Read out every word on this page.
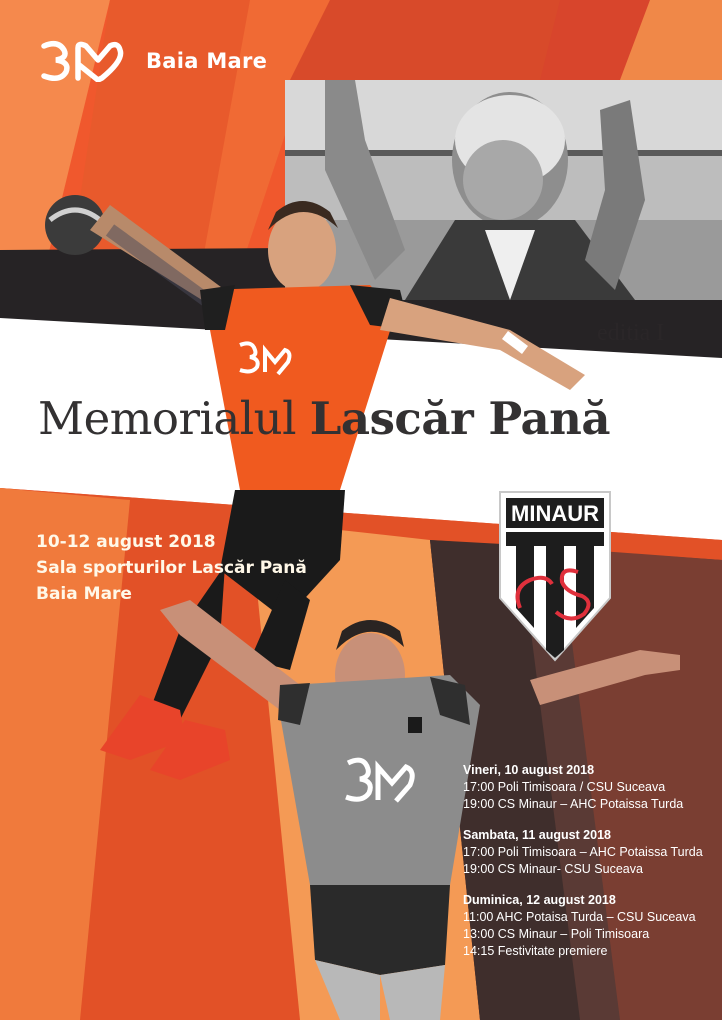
Baia Mare
MINAUR
editia I
Memorialul Lascăr Pană
10-12 august 2018
Sala sporturilor Lascăr Pană
Baia Mare
Vineri, 10 august 2018
17:00 Poli Timisoara / CSU Suceava
19:00 CS Minaur – AHC Potaissa Turda
Sambata, 11 august 2018
17:00 Poli Timisoara – AHC Potaissa Turda
19:00 CS Minaur- CSU Suceava
Duminica, 12 august 2018
11:00 AHC Potaisa Turda – CSU Suceava
13:00 CS Minaur – Poli Timisoara
14:15 Festivitate premiere
